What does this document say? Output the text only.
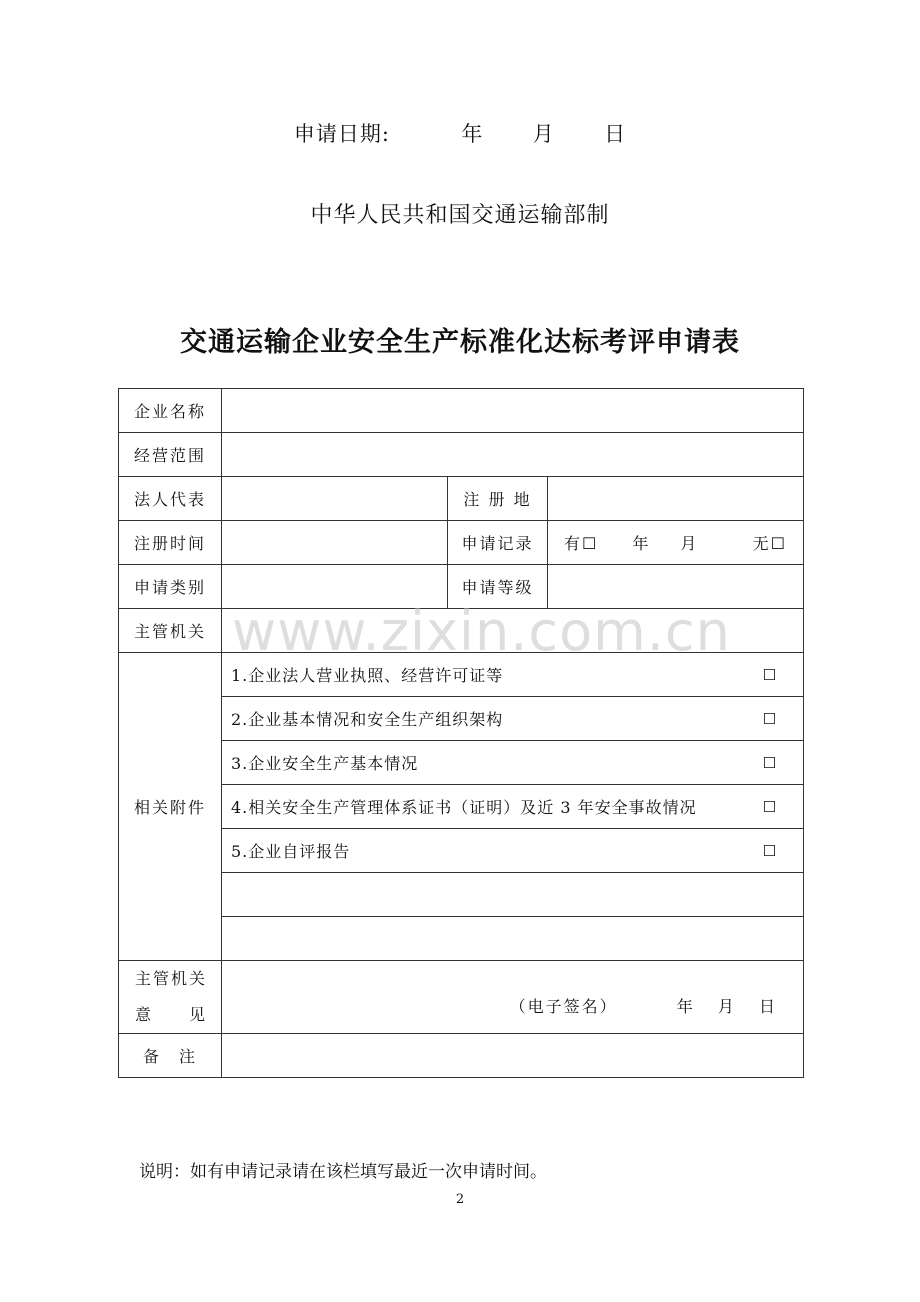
申请日期:	年 月 日
中华人民共和国交通运输部制
交通运输企业安全生产标准化达标考评申请表
企业名称			
经营范围			
法人代表		注 册 地	
注册时间		申请记录	有☐ 年 月 无☐

申请类别		申请等级	
主管机关			
相关附件	1.企业法人营业执照、经营许可证等 ☐		

	2.企业基本情况和安全生产组织架构 ☐		

	3.企业安全生产基本情况 ☐		

	4.相关安全生产管理体系证书（证明）及近 3 年安全事故情况 ☐		

	5.企业自评报告 ☐		

主管机关
意　　见	（电子签名） 年 月 日		

备　注			
www.zixin.com.cn
说明：如有申请记录请在该栏填写最近一次申请时间。
2
